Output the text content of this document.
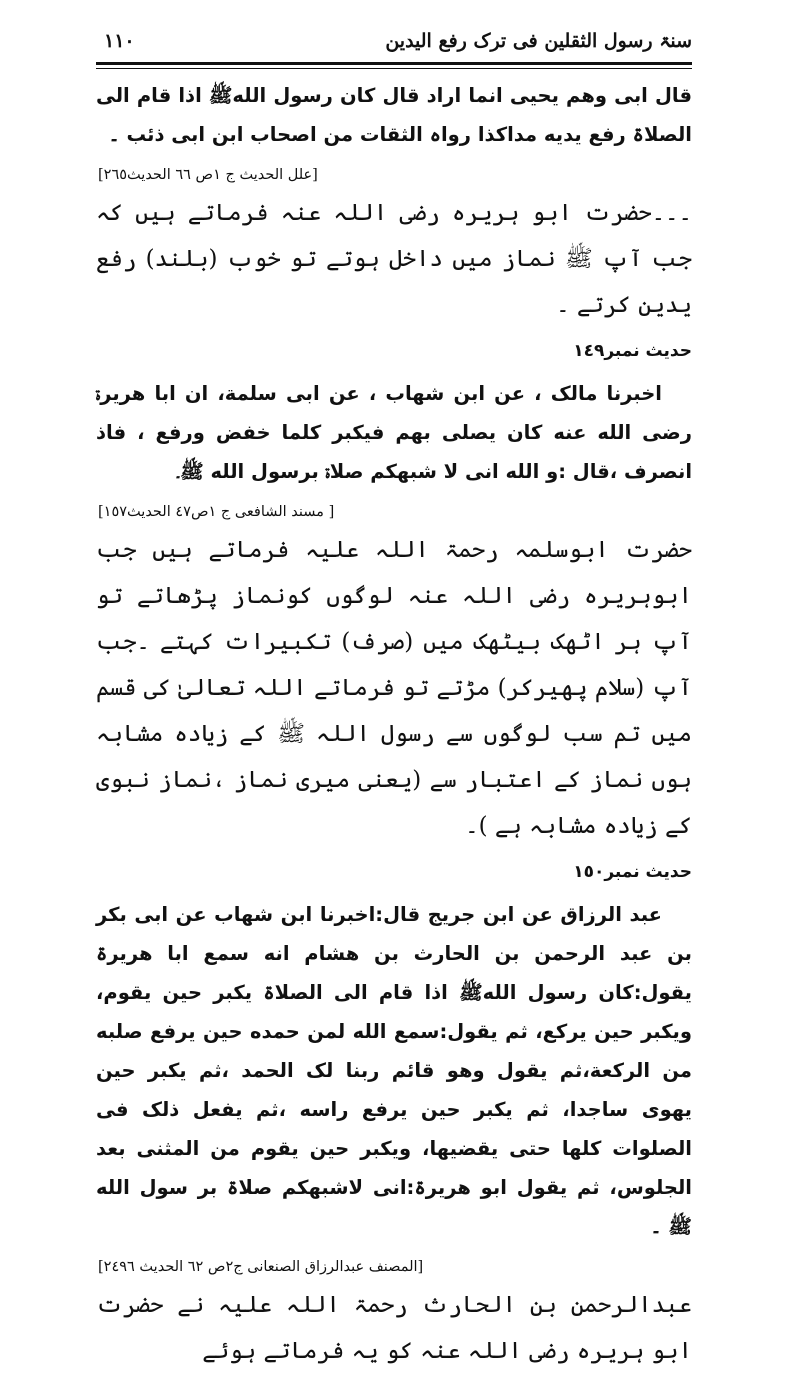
سنۃ رسول الثقلین فی ترک رفع الیدین
١١٠

قال ابی وھم یحیی انما اراد قال کان رسول اللهﷺ اذا قام الی الصلاۃ رفع یدیه مداکذا رواہ الثقات من اصحاب ابن ابی ذئب ۔

[علل الحدیث ج ١ص ٦٦ الحدیث٢٦٥]

۔۔۔حضرت ابو ہریرہ رضی اللہ عنہ فرماتے ہیں کہ جب آپ ﷺ نماز میں داخل ہوتے تو خوب (بلند) رفع یدین کرتے ۔

حدیث نمبر١٤٩

اخبرنا مالک ، عن ابن شھاب ، عن ابی سلمة، ان ابا ھریرۃ رضی الله عنه کان یصلی بھم فیکبر کلما خفض ورفع ، فاذ انصرف ،قال :و الله انی لا شبھکم صلاۃ برسول الله ﷺ۔

[ مسند الشافعی ج ١ص٤٧ الحدیث١٥٧]

حضرت ابوسلمہ رحمۃ اللہ علیہ فرماتے ہیں جب ابوہریرہ رضی اللہ عنہ لوگوں کونماز پڑھاتے تو آپ ہر اٹھک بیٹھک میں (صرف) تکبیرات کہتے ۔جب آپ (سلام پھیرکر) مڑتے تو فرماتے اللہ تعالیٰ کی قسم میں تم سب لوگوں سے رسول اللہ ﷺ کے زیادہ مشابہ ہوں نماز کے اعتبار سے (یعنی میری نماز ،نماز نبوی کے زیادہ مشابہ ہے )۔

حدیث نمبر١٥٠

عبد الرزاق عن ابن جریج قال:اخبرنا ابن شھاب عن ابی بکر بن عبد الرحمن بن الحارث بن ھشام انه سمع ابا ھریرۃ یقول:کان رسول اللهﷺ اذا قام الی الصلاۃ یکبر حین یقوم، ویکبر حین یرکع، ثم یقول:سمع الله لمن حمده حین یرفع صلبه من الرکعة،ثم یقول وھو قائم ربنا لک الحمد ،ثم یکبر حین یھوی ساجدا، ثم یکبر حین یرفع راسه ،ثم یفعل ذلک فی الصلوات کلھا حتی یقضیھا، ویکبر حین یقوم من المثنی بعد الجلوس، ثم یقول ابو ھریرۃ:انی لاشبھکم صلاۃ بر سول الله ﷺ ۔

[المصنف عبدالرزاق الصنعانی ج٢ص ٦٢ الحدیث ٢٤٩٦]

عبدالرحمن بن الحارث رحمۃ اللہ علیہ نے حضرت ابو ہریرہ رضی اللہ عنہ کو یہ فرماتے ہوئے
